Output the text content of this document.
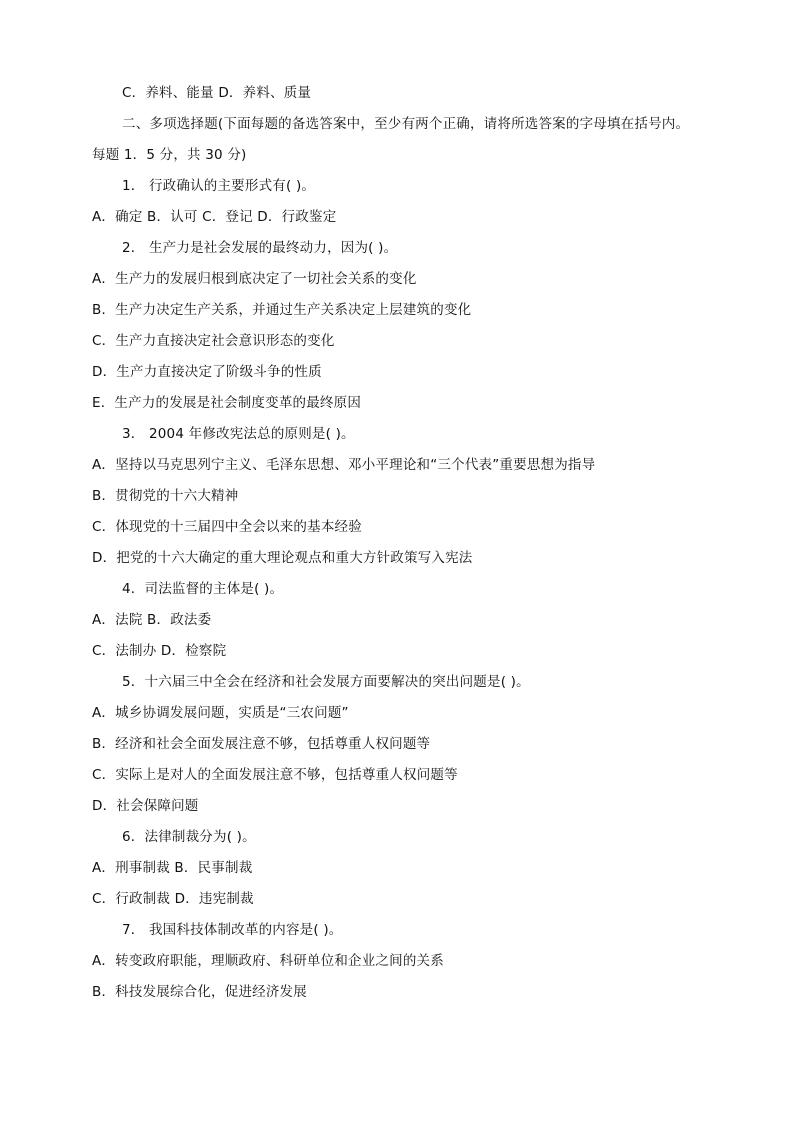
C．养料、能量 D．养料、质量
二、多项选择题(下面每题的备选答案中，至少有两个正确，请将所选答案的字母填在括号内。
每题 1．5 分，共 30 分)
1． 行政确认的主要形式有( )。
A．确定 B．认可 C．登记 D．行政鉴定
2． 生产力是社会发展的最终动力，因为( )。
A．生产力的发展归根到底决定了一切社会关系的变化
B．生产力决定生产关系，并通过生产关系决定上层建筑的变化
C．生产力直接决定社会意识形态的变化
D．生产力直接决定了阶级斗争的性质
E．生产力的发展是社会制度变革的最终原因
3． 2004 年修改宪法总的原则是( )。
A．坚持以马克思列宁主义、毛泽东思想、邓小平理论和“三个代表”重要思想为指导
B．贯彻党的十六大精神
C．体现党的十三届四中全会以来的基本经验
D．把党的十六大确定的重大理论观点和重大方针政策写入宪法
4．司法监督的主体是( )。
A．法院 B．政法委
C．法制办 D．检察院
5．十六届三中全会在经济和社会发展方面要解决的突出问题是( )。
A．城乡协调发展问题，实质是“三农问题”
B．经济和社会全面发展注意不够，包括尊重人权问题等
C．实际上是对人的全面发展注意不够，包括尊重人权问题等
D．社会保障问题
6．法律制裁分为( )。
A．刑事制裁 B．民事制裁
C．行政制裁 D．违宪制裁
7． 我国科技体制改革的内容是( )。
A．转变政府职能，理顺政府、科研单位和企业之间的关系
B．科技发展综合化，促进经济发展
